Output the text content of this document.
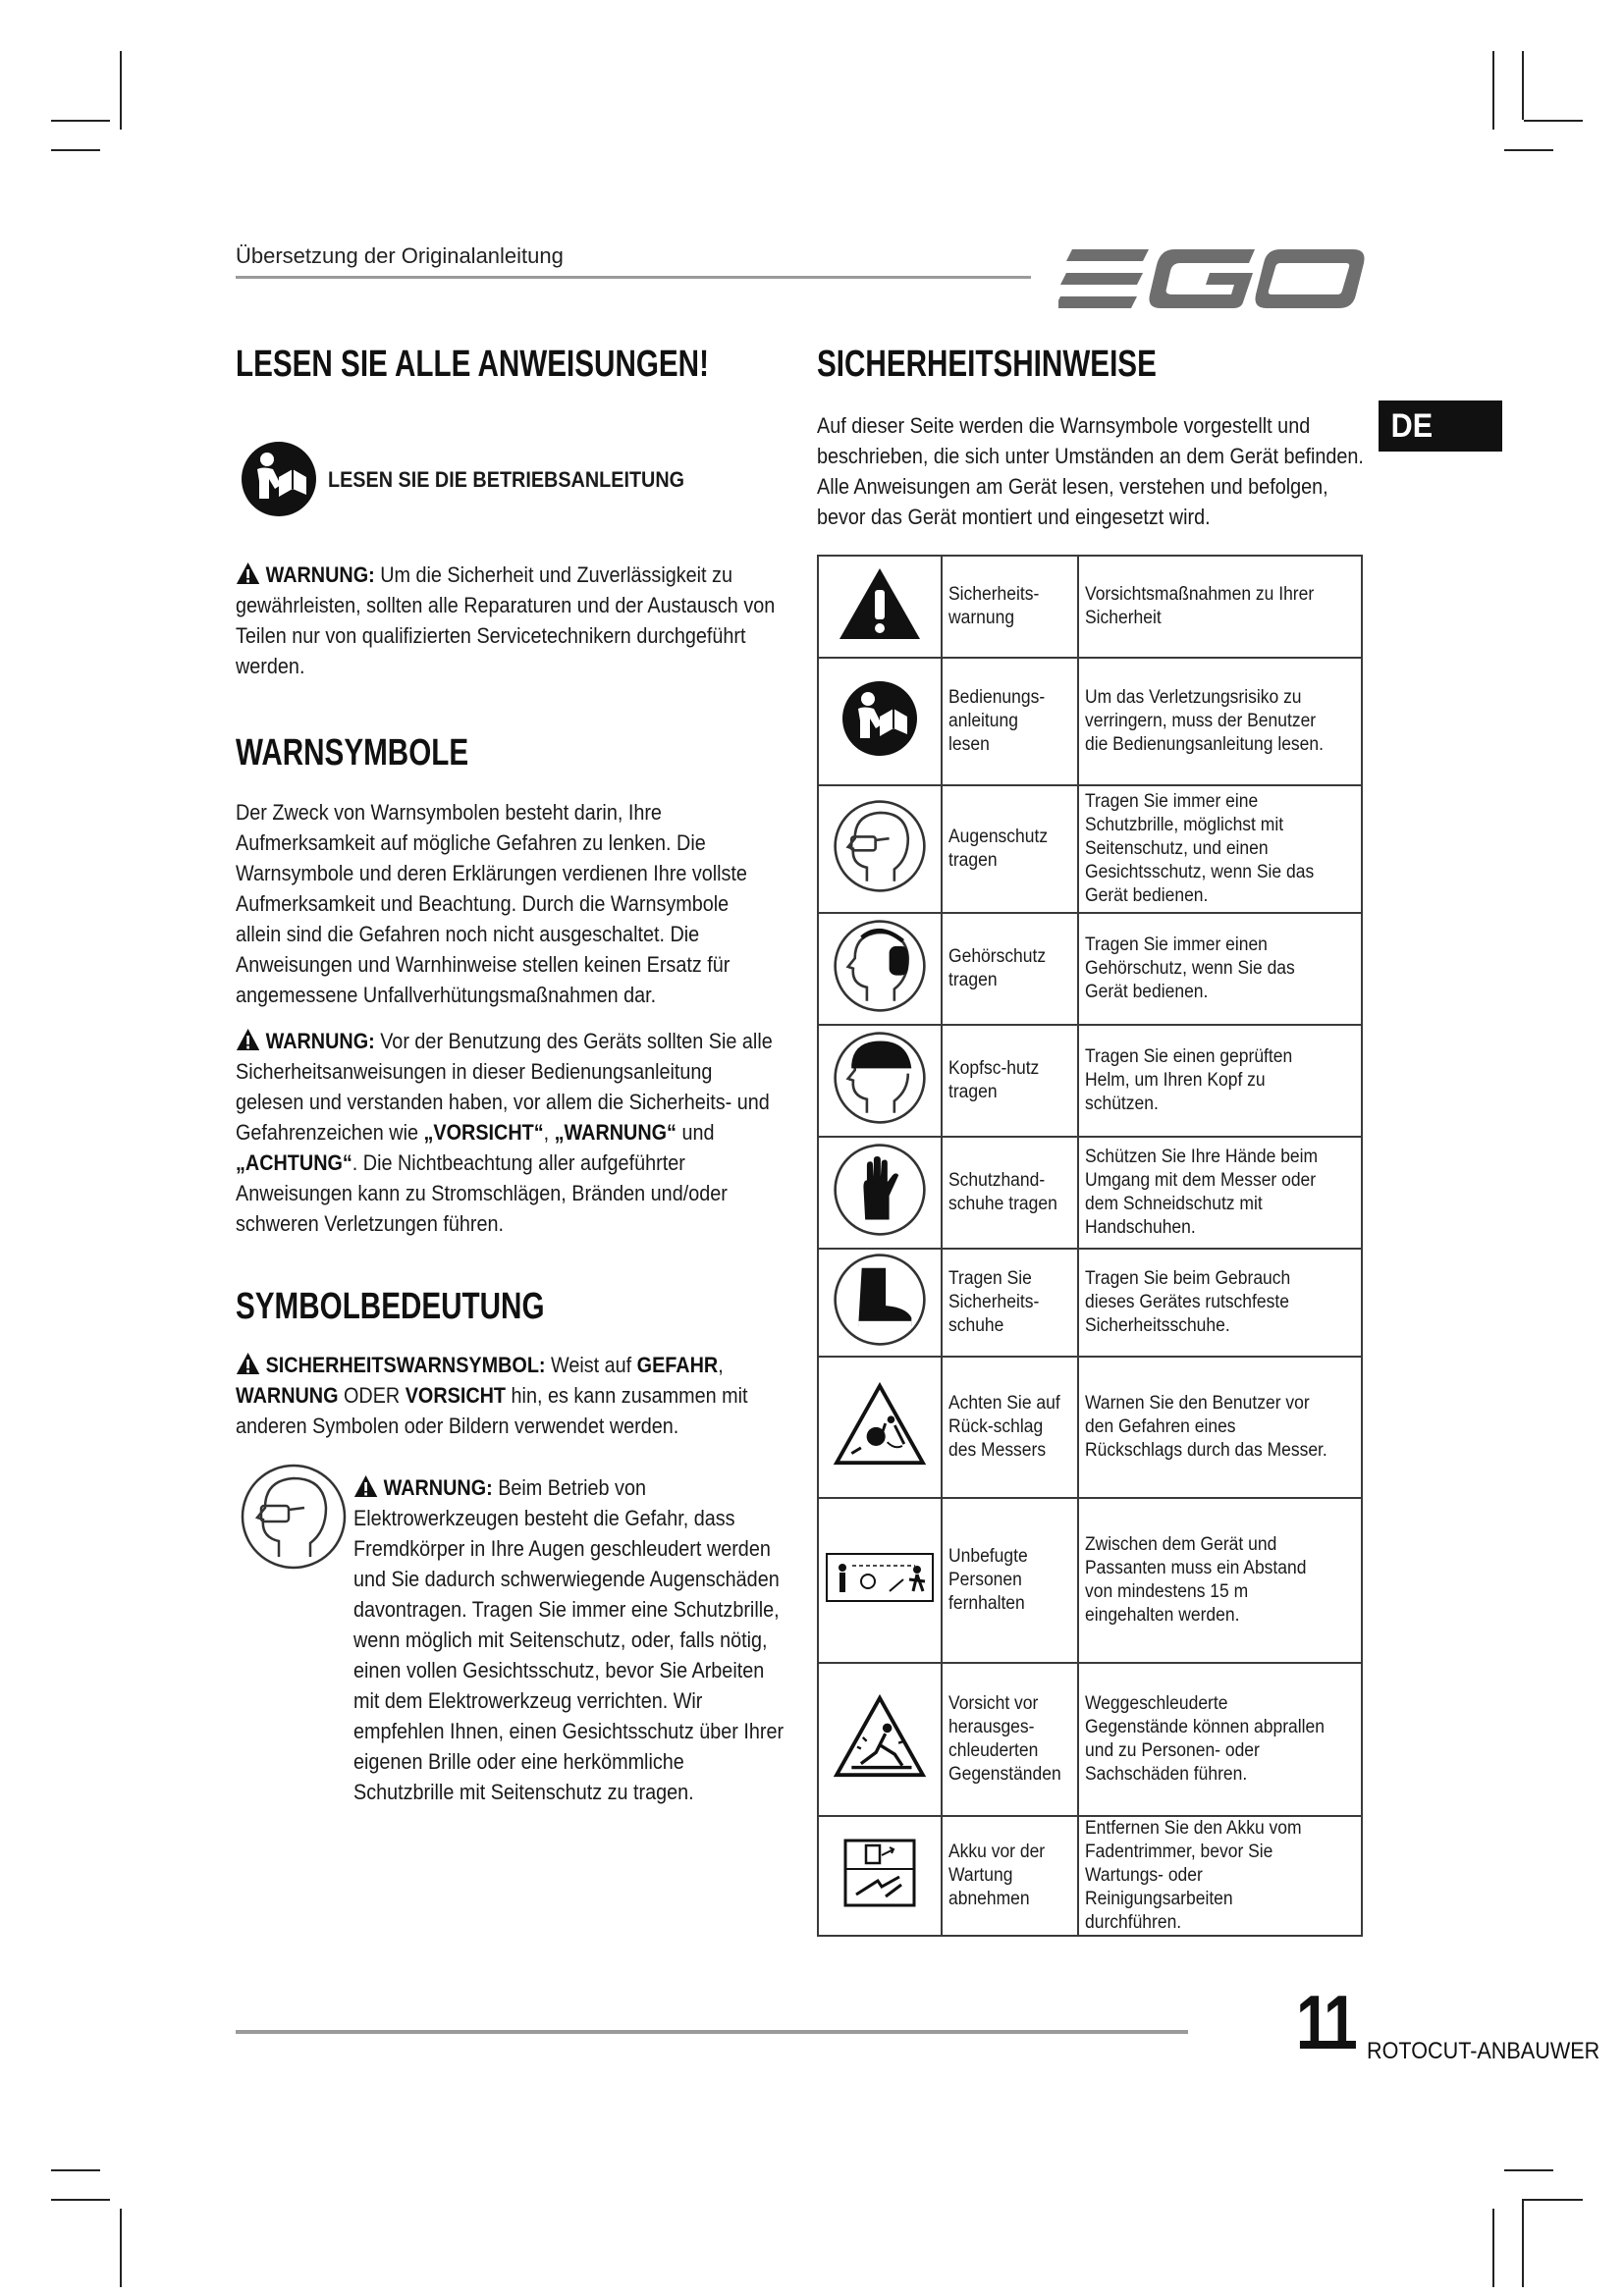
Übersetzung der Originalanleitung
DE
LESEN SIE ALLE ANWEISUNGEN!
LESEN SIE DIE BETRIEBSANLEITUNG
WARNUNG: Um die Sicherheit und Zuverlässigkeit zu gewährleisten, sollten alle Reparaturen und der Austausch von Teilen nur von qualifizierten Servicetechnikern durchgeführt werden.
WARNSYMBOLE
Der Zweck von Warnsymbolen besteht darin, Ihre Aufmerksamkeit auf mögliche Gefahren zu lenken. Die Warnsymbole und deren Erklärungen verdienen Ihre vollste Aufmerksamkeit und Beachtung. Durch die Warnsymbole allein sind die Gefahren noch nicht ausgeschaltet. Die Anweisungen und Warnhinweise stellen keinen Ersatz für angemessene Unfallverhütungsmaßnahmen dar.
WARNUNG: Vor der Benutzung des Geräts sollten Sie alle Sicherheitsanweisungen in dieser Bedienungsanleitung gelesen und verstanden haben, vor allem die Sicherheits- und Gefahrenzeichen wie „VORSICHT“, „WARNUNG“ und „ACHTUNG“. Die Nichtbeachtung aller aufgeführter Anweisungen kann zu Stromschlägen, Bränden und/oder schweren Verletzungen führen.
SYMBOLBEDEUTUNG
SICHERHEITSWARNSYMBOL: Weist auf GEFAHR, WARNUNG ODER VORSICHT hin, es kann zusammen mit anderen Symbolen oder Bildern verwendet werden.
WARNUNG: Beim Betrieb von Elektrowerkzeugen besteht die Gefahr, dass Fremdkörper in Ihre Augen geschleudert werden und Sie dadurch schwerwiegende Augenschäden davontragen. Tragen Sie immer eine Schutzbrille, wenn möglich mit Seitenschutz, oder, falls nötig, einen vollen Gesichtsschutz, bevor Sie Arbeiten mit dem Elektrowerkzeug verrichten. Wir empfehlen Ihnen, einen Gesichtsschutz über Ihrer eigenen Brille oder eine herkömmliche Schutzbrille mit Seitenschutz zu tragen.
SICHERHEITSHINWEISE
Auf dieser Seite werden die Warnsymbole vorgestellt und beschrieben, die sich unter Umständen an dem Gerät befinden. Alle Anweisungen am Gerät lesen, verstehen und befolgen, bevor das Gerät montiert und eingesetzt wird.

Sicherheits-warnung	Vorsichtsmaßnahmen zu Ihrer Sicherheit

Bedienungs-anleitung lesen	Um das Verletzungsrisiko zu verringern, muss der Benutzer die Bedienungsanleitung lesen.

Augenschutz tragen	Tragen Sie immer eine Schutzbrille, möglichst mit Seitenschutz, und einen Gesichtsschutz, wenn Sie das Gerät bedienen.

Gehörschutz tragen	Tragen Sie immer einen Gehörschutz, wenn Sie das Gerät bedienen.

Kopfsc-hutz tragen	Tragen Sie einen geprüften Helm, um Ihren Kopf zu schützen.

Schutzhand-schuhe tragen	Schützen Sie Ihre Hände beim Umgang mit dem Messer oder dem Schneidschutz mit Handschuhen.

Tragen Sie Sicherheits-schuhe	Tragen Sie beim Gebrauch dieses Gerätes rutschfeste Sicherheitsschuhe.

Achten Sie auf Rück-schlag des Messers	Warnen Sie den Benutzer vor den Gefahren eines Rückschlags durch das Messer.

Unbefugte Personen fernhalten	Zwischen dem Gerät und Passanten muss ein Abstand von mindestens 15 m eingehalten werden.

Vorsicht vor herausges-chleuderten Gegenständen	Weggeschleuderte Gegenstände können abprallen und zu Personen- oder Sachschäden führen.

Akku vor der Wartung abnehmen	Entfernen Sie den Akku vom Fadentrimmer, bevor Sie Wartungs- oder Reinigungsarbeiten durchführen.
11 ROTOCUT-ANBAUWER
